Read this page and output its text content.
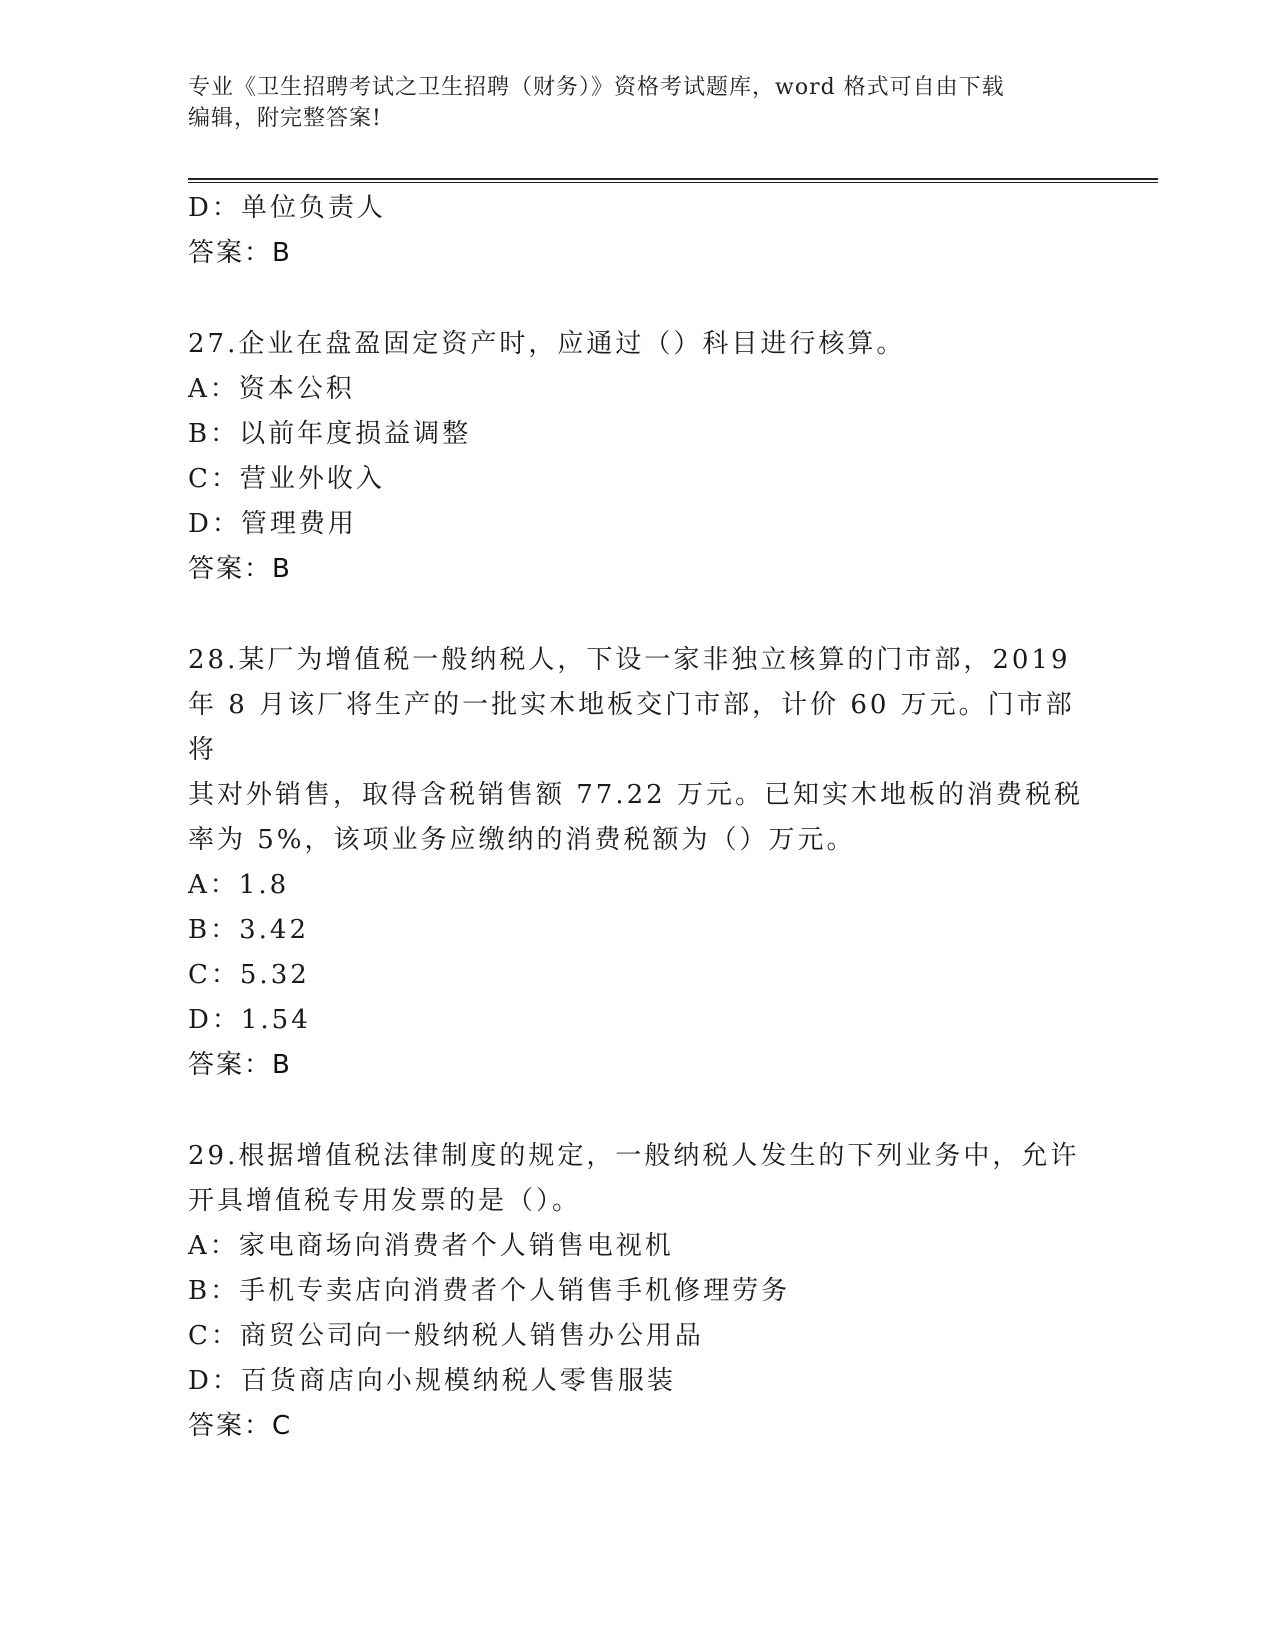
专业《卫生招聘考试之卫生招聘（财务）》资格考试题库，word 格式可自由下载
编辑，附完整答案!
D：单位负责人
答案：B
27.企业在盘盈固定资产时，应通过（）科目进行核算。
A：资本公积
B：以前年度损益调整
C：营业外收入
D：管理费用
答案：B
28.某厂为增值税一般纳税人，下设一家非独立核算的门市部，2019
年 8 月该厂将生产的一批实木地板交门市部，计价 60 万元。门市部将
其对外销售，取得含税销售额 77.22 万元。已知实木地板的消费税税
率为 5%，该项业务应缴纳的消费税额为（）万元。
A：1.8
B：3.42
C：5.32
D：1.54
答案：B
29.根据增值税法律制度的规定，一般纳税人发生的下列业务中，允许
开具增值税专用发票的是（）。
A：家电商场向消费者个人销售电视机
B：手机专卖店向消费者个人销售手机修理劳务
C：商贸公司向一般纳税人销售办公用品
D：百货商店向小规模纳税人零售服装
答案：C
